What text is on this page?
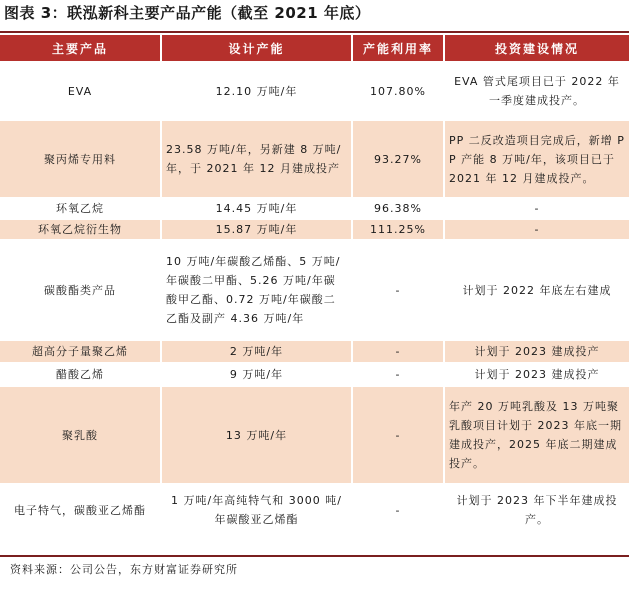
图表 3：联泓新科主要产品产能（截至 2021 年底）
主要产品	设计产能	产能利用率	投资建设情况
EVA	12.10 万吨/年	107.80%	EVA 管式尾项目已于 2022 年一季度建成投产。
聚丙烯专用料	23.58 万吨/年，另新建 8 万吨/年，于 2021 年 12 月建成投产	93.27%	PP 二反改造项目完成后，新增 PP 产能 8 万吨/年，该项目已于 2021 年 12 月建成投产。
环氧乙烷	14.45 万吨/年	96.38%	-
环氧乙烷衍生物	15.87 万吨/年	111.25%	-
碳酸酯类产品	10 万吨/年碳酸乙烯酯、5 万吨/年碳酸二甲酯、5.26 万吨/年碳酸甲乙酯、0.72 万吨/年碳酸二乙酯及副产 4.36 万吨/年	-	计划于 2022 年底左右建成
超高分子量聚乙烯	2 万吨/年	-	计划于 2023 建成投产
醋酸乙烯	9 万吨/年	-	计划于 2023 建成投产
聚乳酸	13 万吨/年	-	年产 20 万吨乳酸及 13 万吨聚乳酸项目计划于 2023 年底一期建成投产，2025 年底二期建成投产。
电子特气，碳酸亚乙烯酯	1 万吨/年高纯特气和 3000 吨/年碳酸亚乙烯酯	-	计划于 2023 年下半年建成投产。
资料来源：公司公告，东方财富证券研究所
